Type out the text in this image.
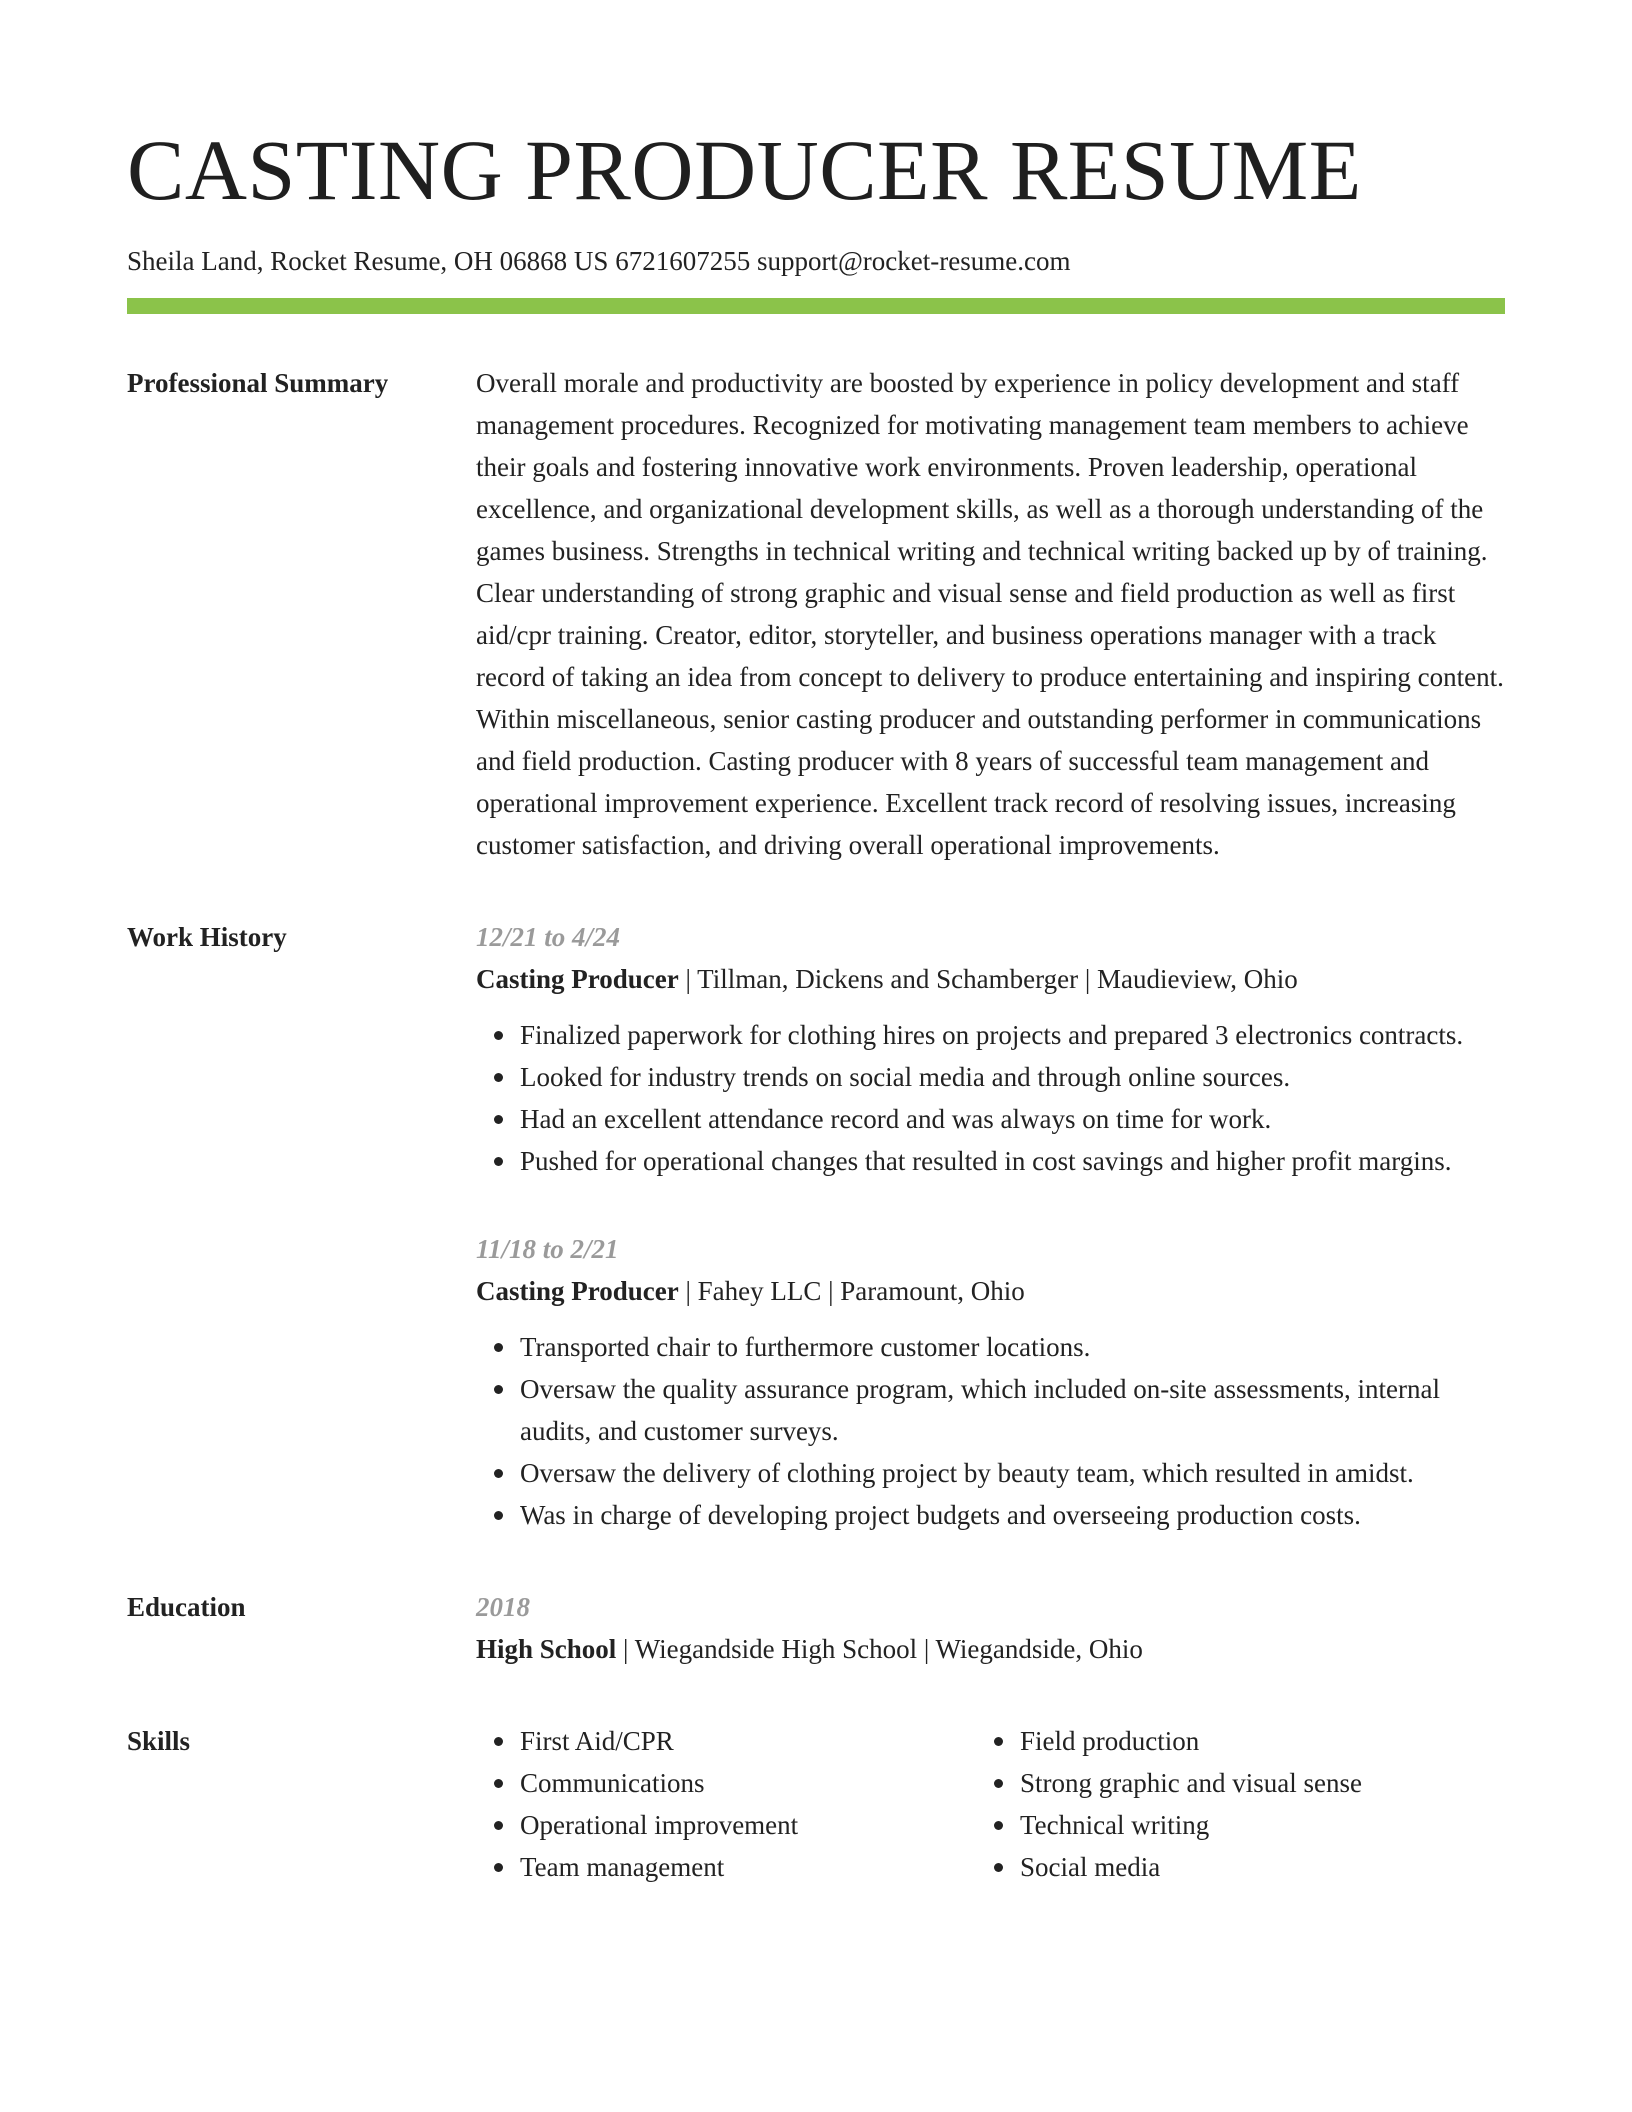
CASTING PRODUCER RESUME
Sheila Land, Rocket Resume, OH 06868 US 6721607255 support@rocket-resume.com
Professional Summary	Overall morale and productivity are boosted by experience in policy development and staff management procedures. Recognized for motivating management team members to achieve their goals and fostering innovative work environments. Proven leadership, operational excellence, and organizational development skills, as well as a thorough understanding of the games business. Strengths in technical writing and technical writing backed up by of training. Clear understanding of strong graphic and visual sense and field production as well as first aid/cpr training. Creator, editor, storyteller, and business operations manager with a track record of taking an idea from concept to delivery to produce entertaining and inspiring content. Within miscellaneous, senior casting producer and outstanding performer in communications and field production. Casting producer with 8 years of successful team management and operational improvement experience. Excellent track record of resolving issues, increasing customer satisfaction, and driving overall operational improvements.

Work History	12/21 to 4/24
Casting Producer | Tillman, Dickens and Schamberger | Maudieview, Ohio
Finalized paperwork for clothing hires on projects and prepared 3 electronics contracts.
Looked for industry trends on social media and through online sources.
Had an excellent attendance record and was always on time for work.
Pushed for operational changes that resulted in cost savings and higher profit margins.
11/18 to 2/21
Casting Producer | Fahey LLC | Paramount, Ohio
Transported chair to furthermore customer locations.
Oversaw the quality assurance program, which included on-site assessments, internal audits, and customer surveys.
Oversaw the delivery of clothing project by beauty team, which resulted in amidst.
Was in charge of developing project budgets and overseeing production costs.
Education	2018
High School | Wiegandside High School | Wiegandside, Ohio
Skills	First Aid/CPR
Communications
Operational improvement
Team management
Field production
Strong graphic and visual sense
Technical writing
Social media
